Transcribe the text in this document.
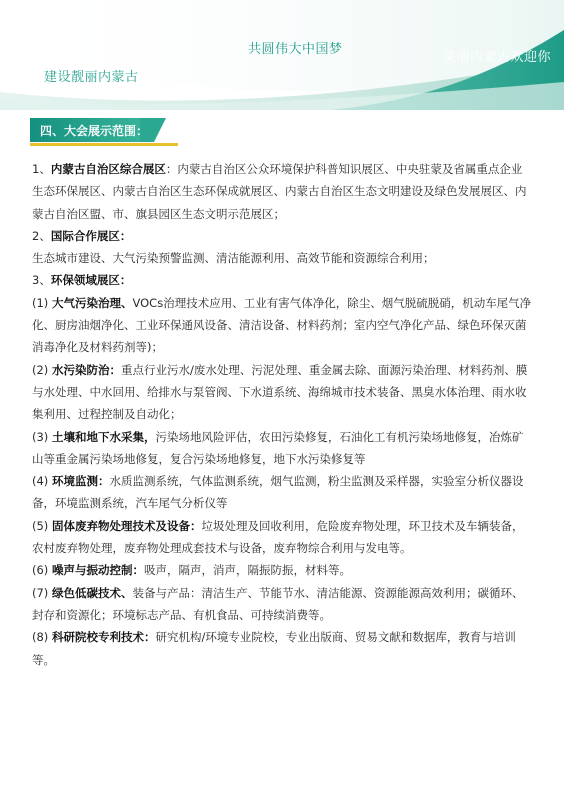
共圆伟大中国梦
建设靓丽内蒙古
美丽内蒙古欢迎你
四、大会展示范围：

1、内蒙古自治区综合展区：内蒙古自治区公众环境保护科普知识展区、中央驻蒙及省属重点企业生态环保展区、内蒙古自治区生态环保成就展区、内蒙古自治区生态文明建设及绿色发展展区、内蒙古自治区盟、市、旗县园区生态文明示范展区；

2、国际合作展区：

生态城市建设、大气污染预警监测、清洁能源利用、高效节能和资源综合利用；

3、环保领域展区：

(1) 大气污染治理、VOCs治理技术应用、工业有害气体净化，除尘、烟气脱硫脱硝，机动车尾气净化、厨房油烟净化、工业环保通风设备、清洁设备、材料药剂；室内空气净化产品、绿色环保灭菌消毒净化及材料药剂等)；

(2) 水污染防治：重点行业污水/废水处理、污泥处理、重金属去除、面源污染治理、材料药剂、膜与水处理、中水回用、给排水与泵管阀、下水道系统、海绵城市技术装备、黑臭水体治理、雨水收集利用、过程控制及自动化；

(3) 土壤和地下水采集，污染场地风险评估，农田污染修复，石油化工有机污染场地修复，冶炼矿山等重金属污染场地修复，复合污染场地修复，地下水污染修复等

(4) 环境监测：水质监测系统，气体监测系统，烟气监测，粉尘监测及采样器，实验室分析仪器设备，环境监测系统，汽车尾气分析仪等

(5) 固体废弃物处理技术及设备：垃圾处理及回收利用，危险废弃物处理，环卫技术及车辆装备，农村废弃物处理，废弃物处理成套技术与设备，废弃物综合利用与发电等。

(6) 噪声与振动控制：吸声，隔声，消声，隔振防振，材料等。

(7) 绿色低碳技术、装备与产品：清洁生产、节能节水、清洁能源、资源能源高效利用；碳循环、封存和资源化；环境标志产品、有机食品、可持续消费等。

(8) 科研院校专利技术：研究机构/环境专业院校，专业出版商、贸易文献和数据库，教育与培训等。
